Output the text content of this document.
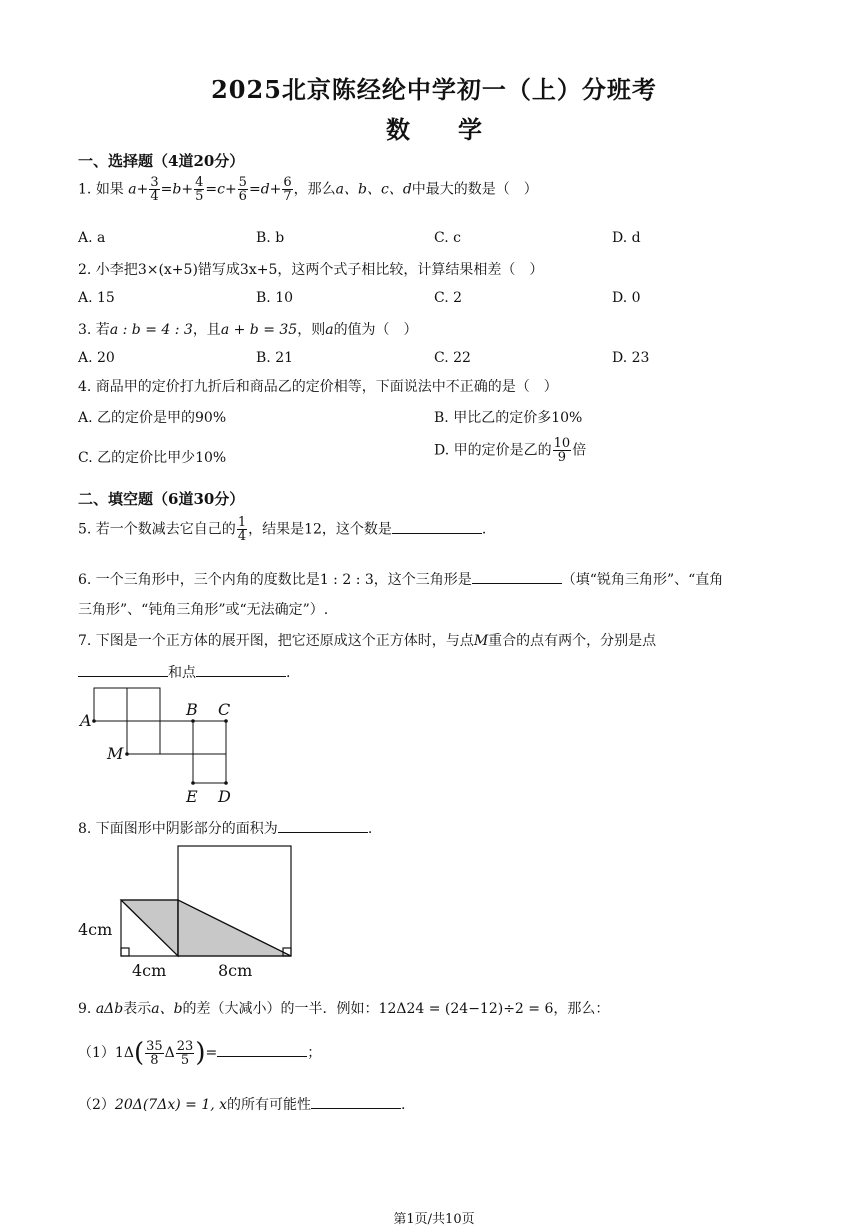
2025北京陈经纶中学初一（上）分班考
数 学
一、选择题（4道20分）
1. 如果 $a+ \frac{3}{4} =b+ \frac{4}{5} =c+ \frac{5}{6} =d+ \frac{6}{7}$ ，那么a、b、c、d中最大的数是（　）
A. a	B. b	C. c	D. d
2. 小李把3×(x+5)错写成3x+5，这两个式子相比较，计算结果相差（　）
A. 15	B. 10	C. 2	D. 0
3. 若a : b = 4 : 3，且a + b = 35，则a的值为（　）
A. 20	B. 21	C. 22	D. 23
4. 商品甲的定价打九折后和商品乙的定价相等，下面说法中不正确的是（　）
A. 乙的定价是甲的90%	B. 甲比乙的定价多10%
C. 乙的定价比甲少10%	D. 甲的定价是乙的 $\frac{10}{9}$ 倍
二、填空题（6道30分）
5. 若一个数减去它自己的 $\frac{1}{4}$ ，结果是12，这个数是	.
6. 一个三角形中，三个内角的度数比是1 : 2 : 3，这个三角形是	（填“锐角三角形”、“直角
三角形”、“钝角三角形”或“无法确定”）.
7. 下图是一个正方体的展开图，把它还原成这个正方体时，与点M重合的点有两个，分别是点
和点	.
A
B C
M
E D
8. 下面图形中阴影部分的面积为	.
4cm
4cm	8cm
9. aΔb表示a、b的差（大减小）的一半．例如：12Δ24 = (24−12)÷2 = 6，那么：
$(1)1\Delta( \frac{35}{8}$ Δ $\frac{23}{5}$ )=	；
（2）20Δ(7Δx) = 1, x的所有可能性	.
第1页/共10页
